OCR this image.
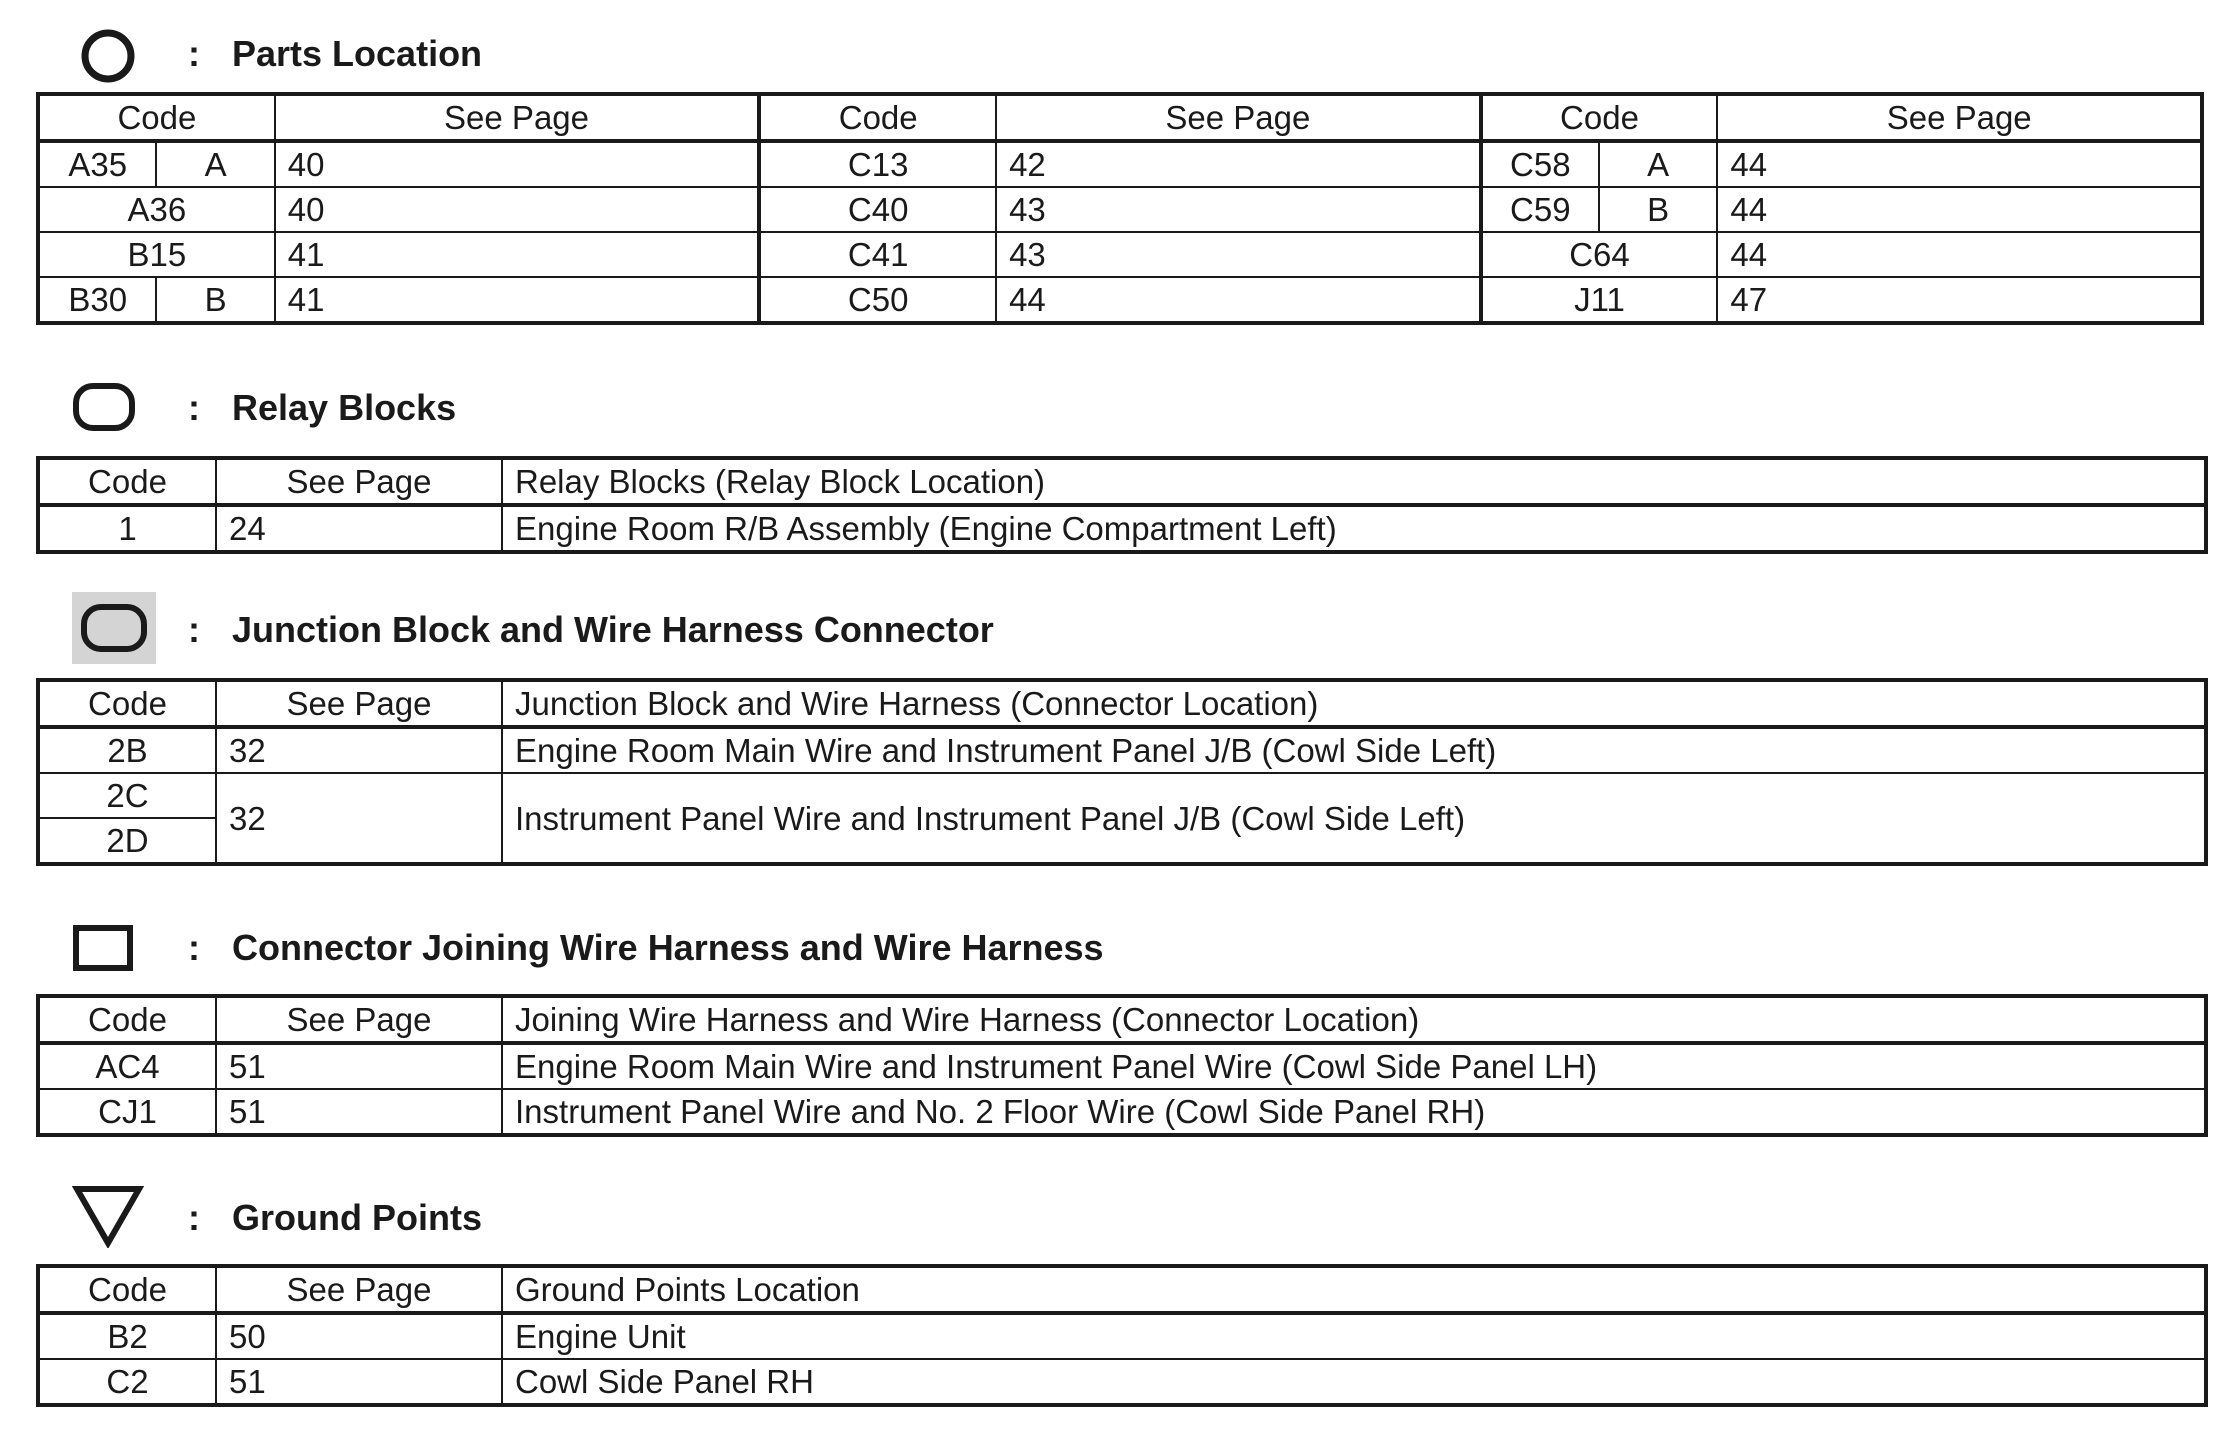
: Parts Location
Code		See Page	Code	See Page	Code		See Page
A35	A	40	C13	42	C58	A	44
A36		40	C40	43	C59	B	44
B15		41	C41	43	C64		44
B30	B	41	C50	44	J11		47
: Relay Blocks
Code	See Page	Relay Blocks (Relay Block Location)
1	24	Engine Room R/B Assembly (Engine Compartment Left)
: Junction Block and Wire Harness Connector
Code	See Page	Junction Block and Wire Harness (Connector Location)
2B	32	Engine Room Main Wire and Instrument Panel J/B (Cowl Side Left)
2C	32	Instrument Panel Wire and Instrument Panel J/B (Cowl Side Left)
2D		
: Connector Joining Wire Harness and Wire Harness
Code	See Page	Joining Wire Harness and Wire Harness (Connector Location)
AC4	51	Engine Room Main Wire and Instrument Panel Wire (Cowl Side Panel LH)
CJ1	51	Instrument Panel Wire and No. 2 Floor Wire (Cowl Side Panel RH)
: Ground Points
Code	See Page	Ground Points Location
B2	50	Engine Unit
C2	51	Cowl Side Panel RH
